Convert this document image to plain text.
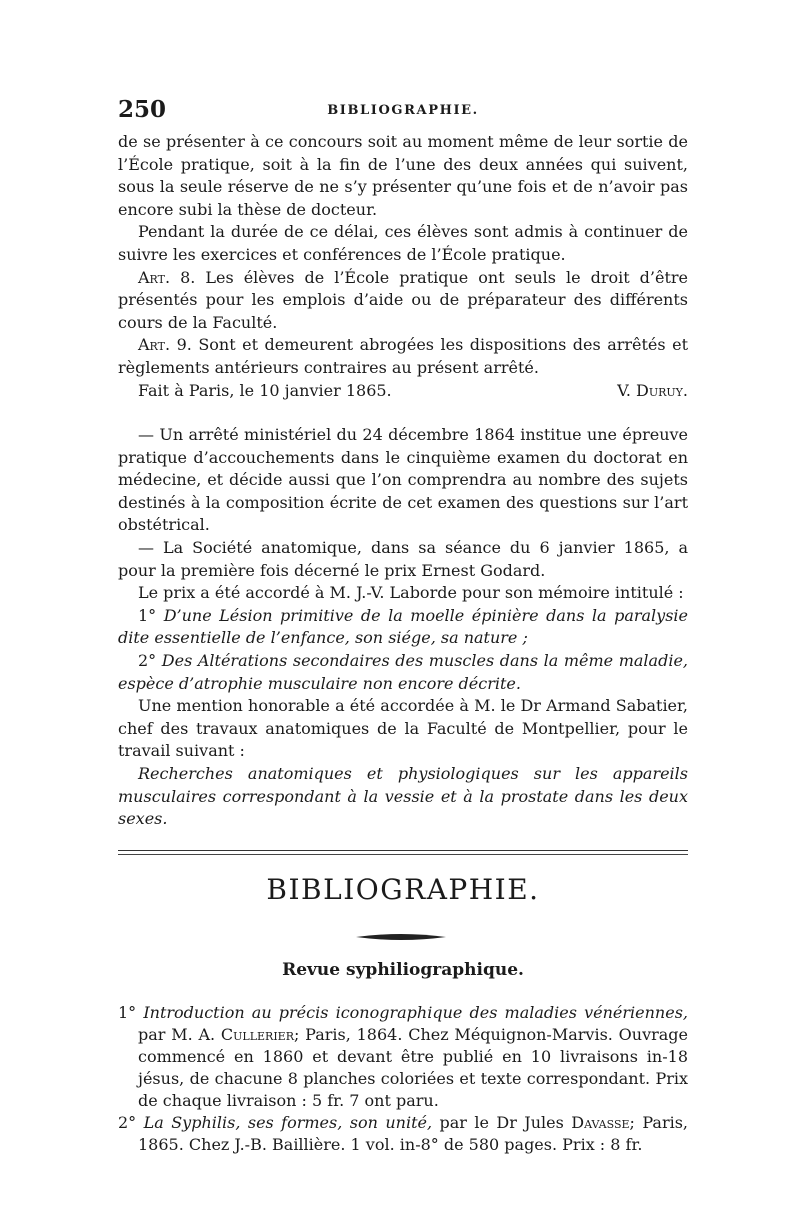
250	BIBLIOGRAPHIE.

de se présenter à ce concours soit au moment même de leur sortie de l’École pratique, soit à la fin de l’une des deux années qui suivent, sous la seule réserve de ne s’y présenter qu’une fois et de n’avoir pas encore subi la thèse de docteur.

Pendant la durée de ce délai, ces élèves sont admis à continuer de suivre les exercices et conférences de l’École pratique.

Art. 8. Les élèves de l’École pratique ont seuls le droit d’être présentés pour les emplois d’aide ou de préparateur des différents cours de la Faculté.

Art. 9. Sont et demeurent abrogées les dispositions des arrêtés et règlements antérieurs contraires au présent arrêté.

Fait à Paris, le 10 janvier 1865.	V. Duruy.

— Un arrêté ministériel du 24 décembre 1864 institue une épreuve pratique d’accouchements dans le cinquième examen du doctorat en médecine, et décide aussi que l’on comprendra au nombre des sujets destinés à la composition écrite de cet examen des questions sur l’art obstétrical.

— La Société anatomique, dans sa séance du 6 janvier 1865, a pour la première fois décerné le prix Ernest Godard.

Le prix a été accordé à M. J.-V. Laborde pour son mémoire intitulé :

1° D’une Lésion primitive de la moelle épinière dans la paralysie dite essentielle de l’enfance, son siége, sa nature ;

2° Des Altérations secondaires des muscles dans la même maladie, espèce d’atrophie musculaire non encore décrite.

Une mention honorable a été accordée à M. le Dr Armand Sabatier, chef des travaux anatomiques de la Faculté de Montpellier, pour le travail suivant :

Recherches anatomiques et physiologiques sur les appareils musculaires correspondant à la vessie et à la prostate dans les deux sexes.

BIBLIOGRAPHIE.
Revue syphiliographique.

1° Introduction au précis iconographique des maladies vénériennes, par M. A. Cullerier; Paris, 1864. Chez Méquignon-Marvis. Ouvrage commencé en 1860 et devant être publié en 10 livraisons in-18 jésus, de chacune 8 planches coloriées et texte correspondant. Prix de chaque livraison : 5 fr. 7 ont paru.

2° La Syphilis, ses formes, son unité, par le Dr Jules Davasse; Paris, 1865. Chez J.-B. Baillière. 1 vol. in-8° de 580 pages. Prix : 8 fr.
